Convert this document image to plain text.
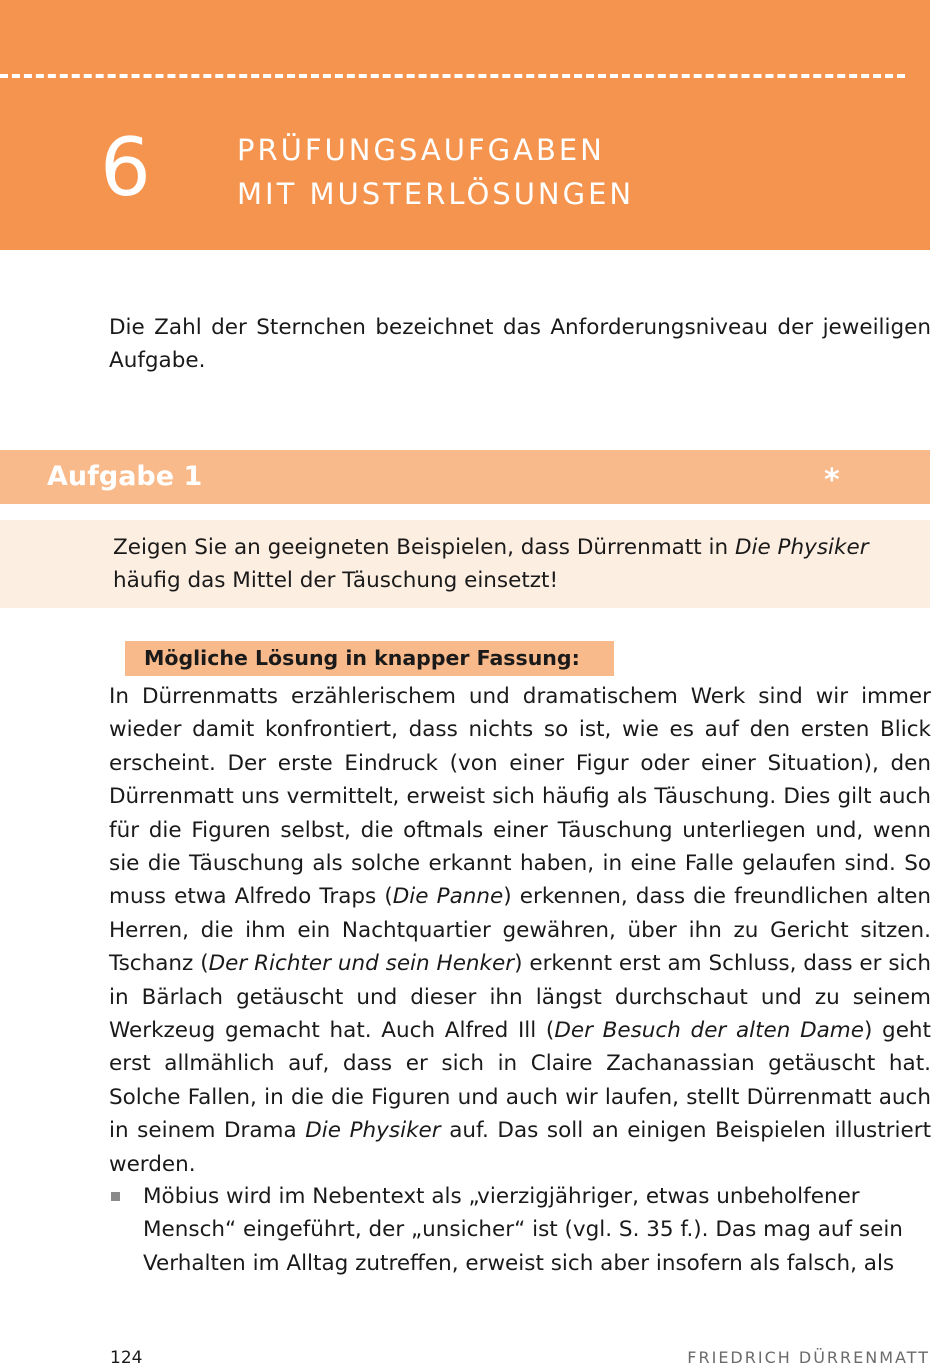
6	PRÜFUNGSAUFGABEN
MIT MUSTERLÖSUNGEN

Die Zahl der Sternchen bezeichnet das Anforderungsniveau der jeweiligen Aufgabe.

Aufgabe 1	*
Zeigen Sie an geeigneten Beispielen, dass Dürrenmatt in Die Physiker häufig das Mittel der Täuschung einsetzt!
Mögliche Lösung in knapper Fassung:

In Dürrenmatts erzählerischem und dramatischem Werk sind wir immer wieder damit konfrontiert, dass nichts so ist, wie es auf den ersten Blick erscheint. Der erste Eindruck (von einer Figur oder einer Situation), den Dürrenmatt uns vermittelt, erweist sich häufig als Täuschung. Dies gilt auch für die Figuren selbst, die oftmals einer Täuschung unterliegen und, wenn sie die Täuschung als solche erkannt haben, in eine Falle gelaufen sind. So muss etwa Alfredo Traps (Die Panne) erkennen, dass die freundlichen alten Herren, die ihm ein Nachtquartier gewähren, über ihn zu Gericht sitzen. Tschanz (Der Richter und sein Henker) erkennt erst am Schluss, dass er sich in Bärlach getäuscht und dieser ihn längst durchschaut und zu seinem Werkzeug gemacht hat. Auch Alfred Ill (Der Besuch der alten Dame) geht erst allmählich auf, dass er sich in Claire Zachanassian getäuscht hat. Solche Fallen, in die die Figuren und auch wir laufen, stellt Dürrenmatt auch in seinem Drama Die Physiker auf. Das soll an einigen Beispielen illustriert werden.

Möbius wird im Nebentext als „vierzigjähriger, etwas unbeholfener Mensch“ eingeführt, der „unsicher“ ist (vgl. S. 35 f.). Das mag auf sein Verhalten im Alltag zutreffen, erweist sich aber insofern als falsch, als
124	FRIEDRICH DÜRRENMATT
